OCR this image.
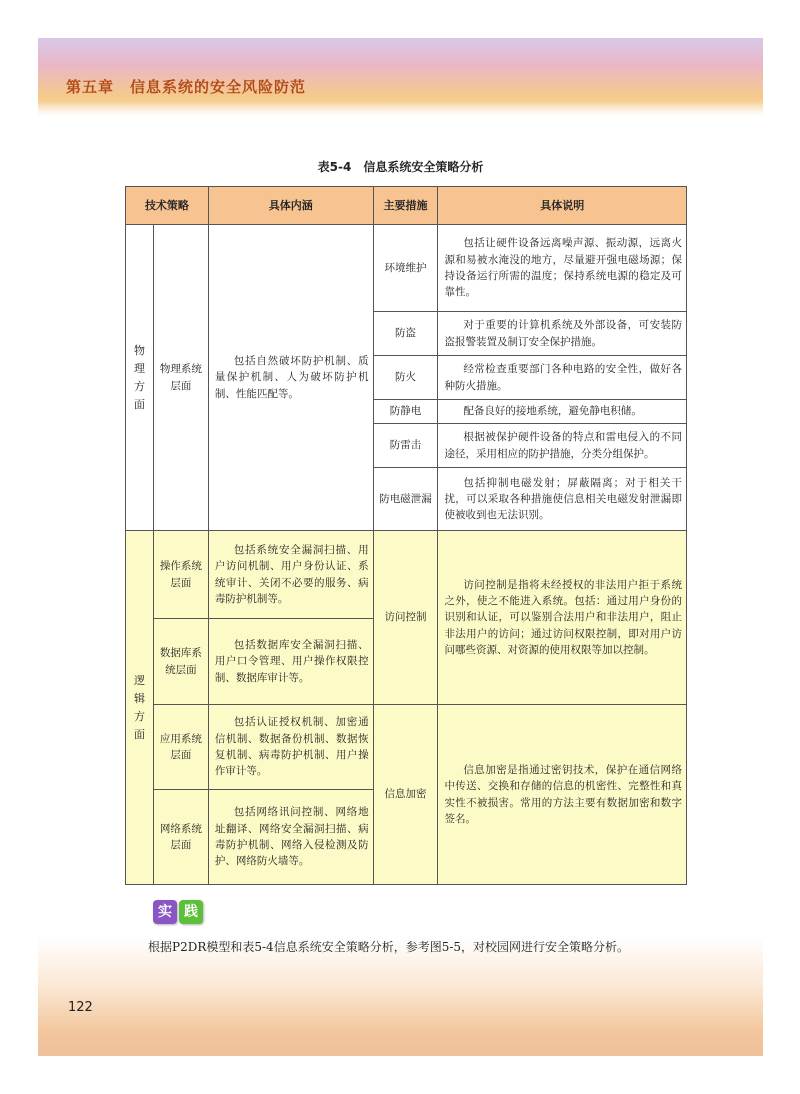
第五章　信息系统的安全风险防范
表5-4　信息系统安全策略分析
技术策略		具体内涵	主要措施	具体说明
物理方面	物理系统层面	包括自然破坏防护机制、质量保护机制、人为破坏防护机制、性能匹配等。	环境维护	包括让硬件设备远离噪声源、振动源，远离火源和易被水淹没的地方，尽量避开强电磁场源；保持设备运行所需的温度；保持系统电源的稳定及可靠性。
			防盗	对于重要的计算机系统及外部设备，可安装防盗报警装置及制订安全保护措施。
			防火	经常检查重要部门各种电路的安全性，做好各种防火措施。
			防静电	配备良好的接地系统，避免静电积储。
			防雷击	根据被保护硬件设备的特点和雷电侵入的不同途径，采用相应的防护措施，分类分组保护。
			防电磁泄漏	包括抑制电磁发射；屏蔽隔离；对于相关干扰，可以采取各种措施使信息相关电磁发射泄漏即使被收到也无法识别。
逻辑方面	操作系统层面	包括系统安全漏洞扫描、用户访问机制、用户身份认证、系统审计、关闭不必要的服务、病毒防护机制等。	访问控制	访问控制是指将未经授权的非法用户拒于系统之外，使之不能进入系统。包括：通过用户身份的识别和认证，可以鉴别合法用户和非法用户，阻止非法用户的访问；通过访问权限控制，即对用户访问哪些资源、对资源的使用权限等加以控制。
	数据库系统层面	包括数据库安全漏洞扫描、用户口令管理、用户操作权限控制、数据库审计等。		
	应用系统层面	包括认证授权机制、加密通信机制、数据备份机制、数据恢复机制、病毒防护机制、用户操作审计等。	信息加密	信息加密是指通过密钥技术，保护在通信网络中传送、交换和存储的信息的机密性、完整性和真实性不被损害。常用的方法主要有数据加密和数字签名。
	网络系统层面	包括网络讯问控制、网络地址翻译、网络安全漏洞扫描、病毒防护机制、网络入侵检测及防护、网络防火墙等。		
实 践
根据P2DR模型和表5-4信息系统安全策略分析，参考图5-5，对校园网进行安全策略分析。
122
